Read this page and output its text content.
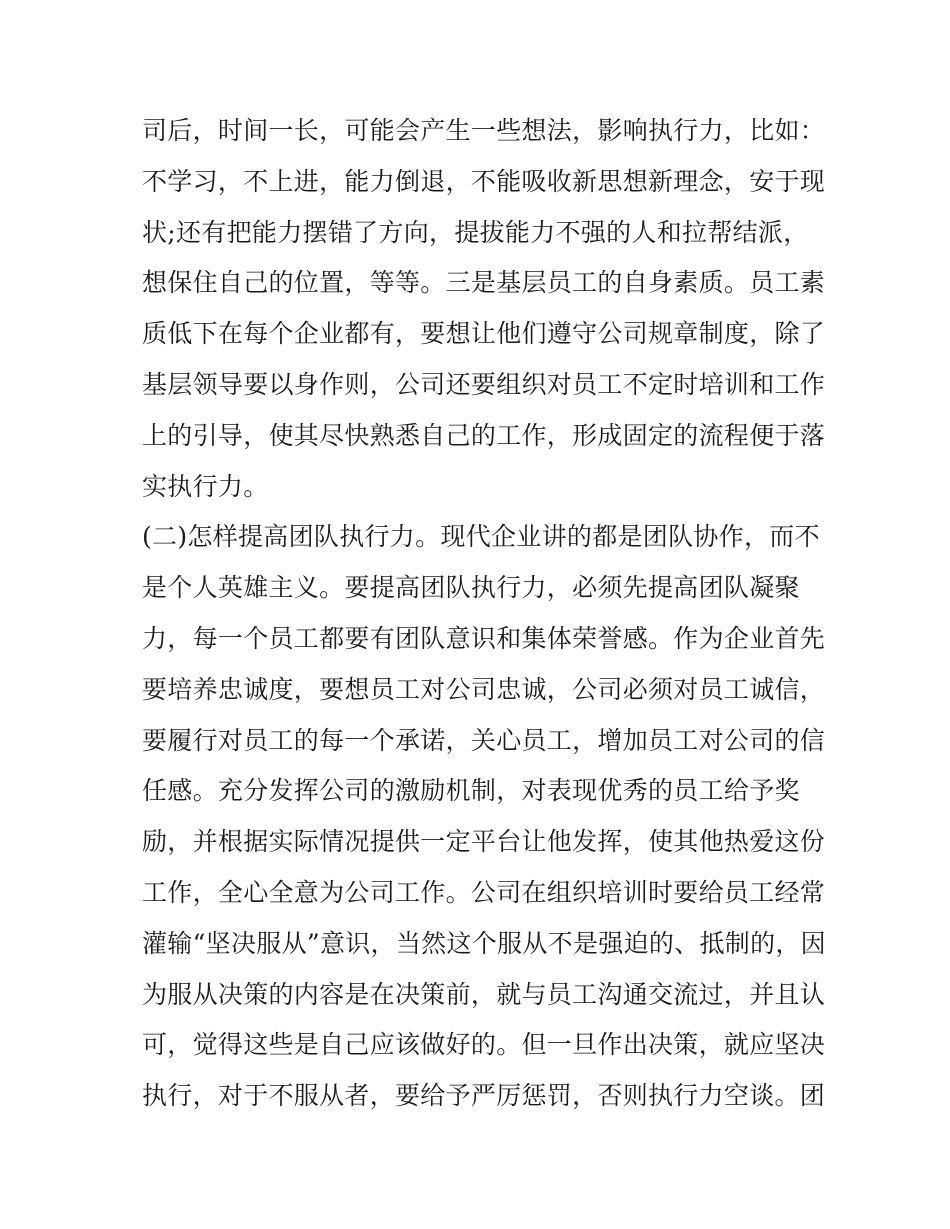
司后，时间一长，可能会产生一些想法，影响执行力，比如：
不学习，不上进，能力倒退，不能吸收新思想新理念，安于现
状;还有把能力摆错了方向，提拔能力不强的人和拉帮结派，
想保住自己的位置，等等。三是基层员工的自身素质。员工素
质低下在每个企业都有，要想让他们遵守公司规章制度，除了
基层领导要以身作则，公司还要组织对员工不定时培训和工作
上的引导，使其尽快熟悉自己的工作，形成固定的流程便于落
实执行力。
(二)怎样提高团队执行力。现代企业讲的都是团队协作，而不
是个人英雄主义。要提高团队执行力，必须先提高团队凝聚
力，每一个员工都要有团队意识和集体荣誉感。作为企业首先
要培养忠诚度，要想员工对公司忠诚，公司必须对员工诚信，
要履行对员工的每一个承诺，关心员工，增加员工对公司的信
任感。充分发挥公司的激励机制，对表现优秀的员工给予奖
励，并根据实际情况提供一定平台让他发挥，使其他热爱这份
工作，全心全意为公司工作。公司在组织培训时要给员工经常
灌输“坚决服从”意识，当然这个服从不是强迫的、抵制的，因
为服从决策的内容是在决策前，就与员工沟通交流过，并且认
可，觉得这些是自己应该做好的。但一旦作出决策，就应坚决
执行，对于不服从者，要给予严厉惩罚，否则执行力空谈。团
